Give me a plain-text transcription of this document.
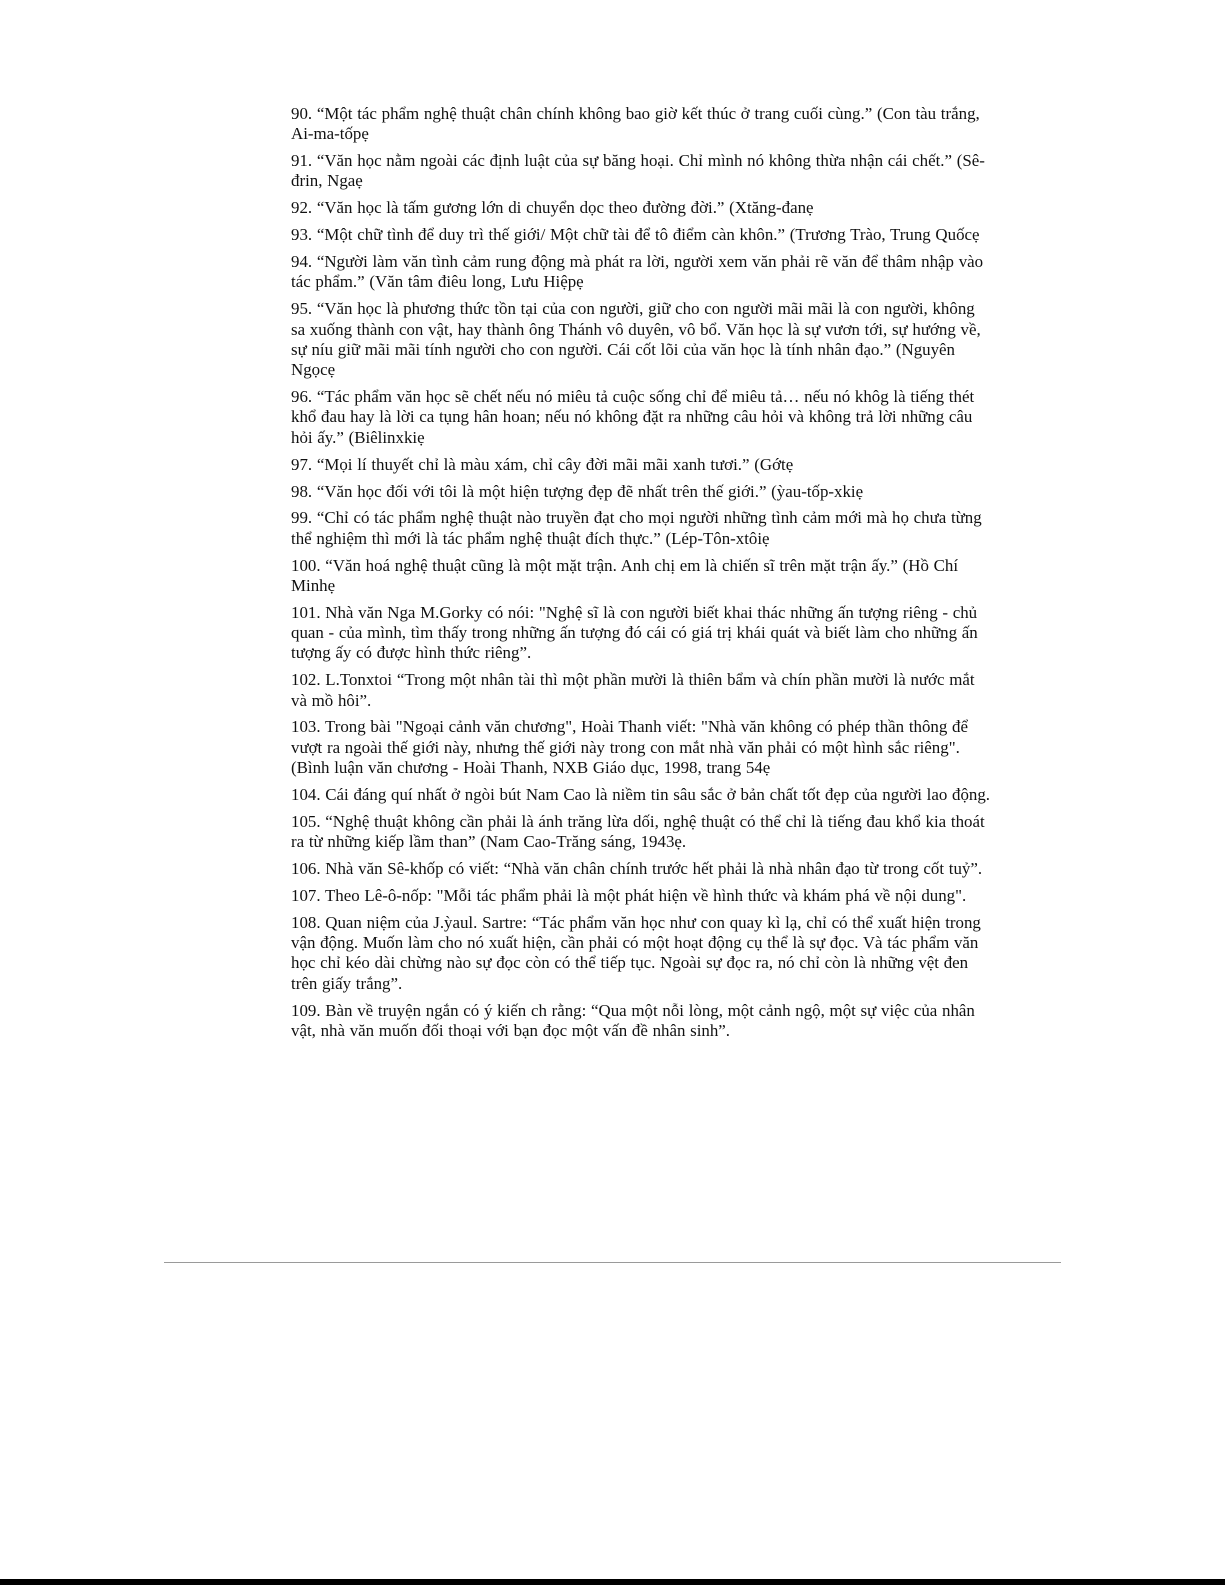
90. “Một tác phẩm nghệ thuật chân chính không bao giờ kết thúc ở trang cuối cùng.” (Con tàu trắng, Ai-ma-tốpẹ

91. “Văn học nằm ngoài các định luật của sự băng hoại. Chỉ mình nó không thừa nhận cái chết.” (Sê-đrin, Ngaẹ

92. “Văn học là tấm gương lớn di chuyển dọc theo đường đời.” (Xtăng-đanẹ

93. “Một chữ tình để duy trì thế giới/ Một chữ tài để tô điểm càn khôn.” (Trương Trào, Trung Quốcẹ

94. “Người làm văn tình cảm rung động mà phát ra lời, người xem văn phải rẽ văn để thâm nhập vào tác phẩm.” (Văn tâm điêu long, Lưu Hiệpẹ

95. “Văn học là phương thức tồn tại của con người, giữ cho con người mãi mãi là con người, không sa xuống thành con vật, hay thành ông Thánh vô duyên, vô bổ. Văn học là sự vươn tới, sự hướng về, sự níu giữ mãi mãi tính người cho con người. Cái cốt lõi của văn học là tính nhân đạo.” (Nguyên Ngọcẹ

96. “Tác phẩm văn học sẽ chết nếu nó miêu tả cuộc sống chỉ để miêu tả… nếu nó khôg là tiếng thét khổ đau hay là lời ca tụng hân hoan; nếu nó không đặt ra những câu hỏi và không trả lời những câu hỏi ấy.” (Biêlinxkiẹ

97. “Mọi lí thuyết chỉ là màu xám, chỉ cây đời mãi mãi xanh tươi.” (Gớtẹ

98. “Văn học đối với tôi là một hiện tượng đẹp đẽ nhất trên thế giới.” (ỳau-tốp-xkiẹ

99. “Chỉ có tác phẩm nghệ thuật nào truyền đạt cho mọi người những tình cảm mới mà họ chưa từng thể nghiệm thì mới là tác phẩm nghệ thuật đích thực.” (Lép-Tôn-xtôiẹ

100. “Văn hoá nghệ thuật cũng là một mặt trận. Anh chị em là chiến sĩ trên mặt trận ấy.” (Hồ Chí Minhẹ

101. Nhà văn Nga M.Gorky có nói: "Nghệ sĩ là con người biết khai thác những ấn tượng riêng - chủ quan - của mình, tìm thấy trong những ấn tượng đó cái có giá trị khái quát và biết làm cho những ấn tượng ấy có được hình thức riêng”.

102. L.Tonxtoi “Trong một nhân tài thì một phần mười là thiên bẩm và chín phần mười là nước mắt và mồ hôi”.

103. Trong bài "Ngoại cảnh văn chương", Hoài Thanh viết: "Nhà văn không có phép thần thông để vượt ra ngoài thế giới này, nhưng thế giới này trong con mắt nhà văn phải có một hình sắc riêng". (Bình luận văn chương - Hoài Thanh, NXB Giáo dục, 1998, trang 54ẹ

104. Cái đáng quí nhất ở ngòi bút Nam Cao là niềm tin sâu sắc ở bản chất tốt đẹp của người lao động.

105. “Nghệ thuật không cần phải là ánh trăng lừa dối, nghệ thuật có thể chỉ là tiếng đau khổ kia thoát ra từ những kiếp lầm than” (Nam Cao-Trăng sáng, 1943ẹ.

106. Nhà văn Sê-khốp có viết: “Nhà văn chân chính trước hết phải là nhà nhân đạo từ trong cốt tuỷ”.

107. Theo Lê-ô-nốp: "Mỗi tác phẩm phải là một phát hiện về hình thức và khám phá về nội dung".

108. Quan niệm của J.ỳaul. Sartre: “Tác phẩm văn học như con quay kì lạ, chỉ có thể xuất hiện trong vận động. Muốn làm cho nó xuất hiện, cần phải có một hoạt động cụ thể là sự đọc. Và tác phẩm văn học chỉ kéo dài chừng nào sự đọc còn có thể tiếp tục. Ngoài sự đọc ra, nó chỉ còn là những vệt đen trên giấy trắng”.

109. Bàn về truyện ngắn có ý kiến ch rằng: “Qua một nỗi lòng, một cảnh ngộ, một sự việc của nhân vật, nhà văn muốn đối thoại với bạn đọc một vấn đề nhân sinh”.
